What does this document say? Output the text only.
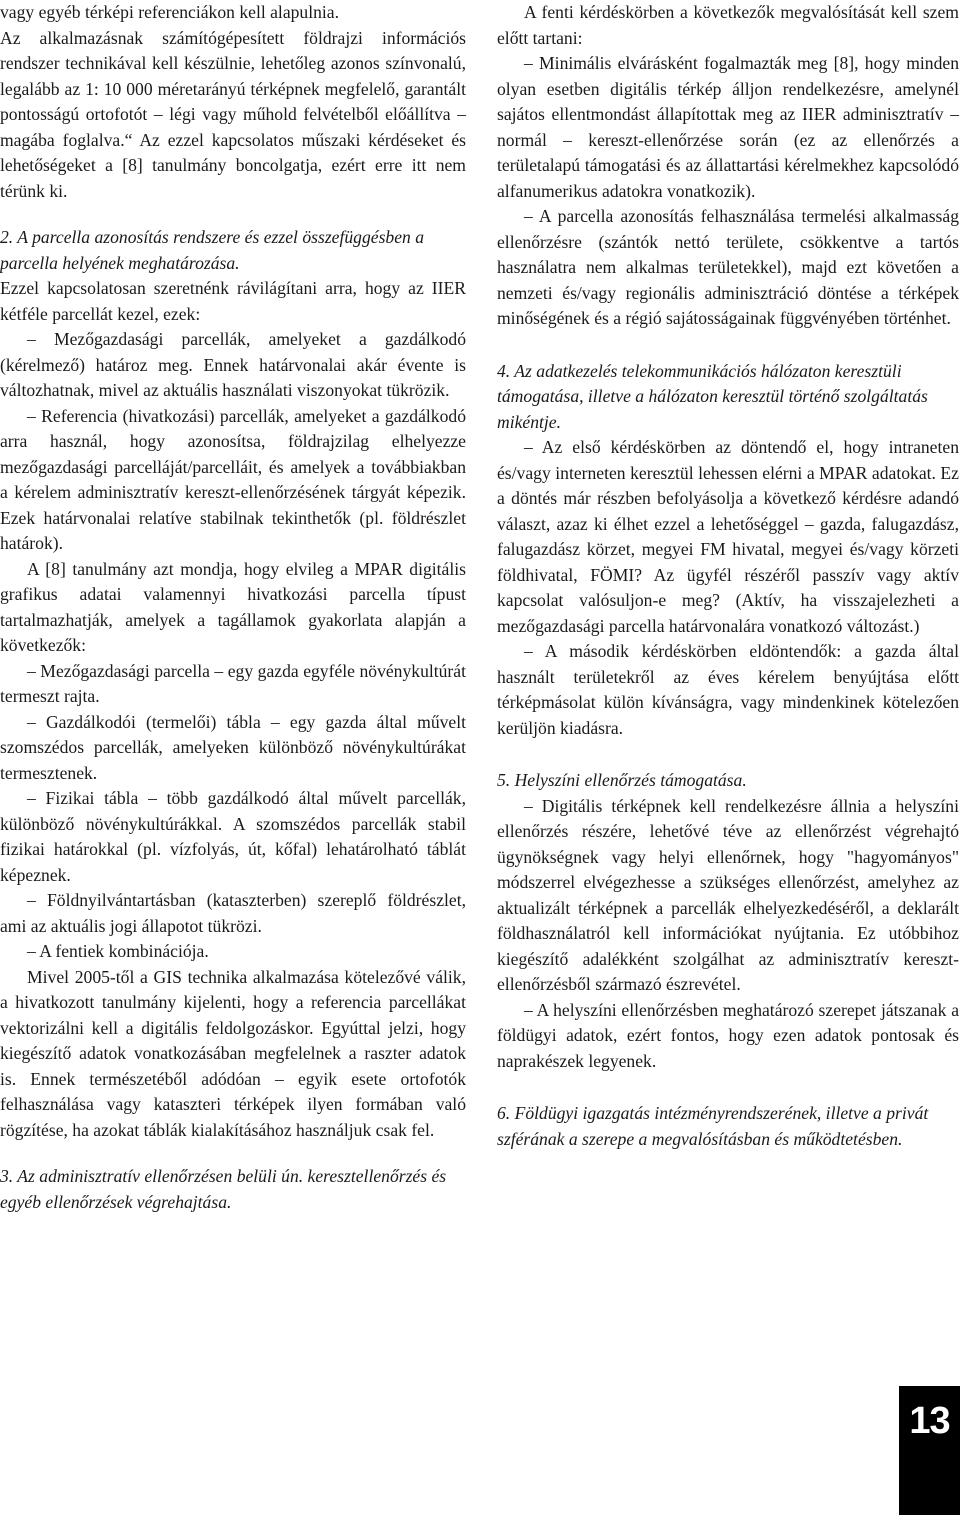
vagy egyéb térképi referenciákon kell alapulnia.

Az alkalmazásnak számítógépesített földrajzi információs rendszer technikával kell készülnie, lehetőleg azonos színvonalú, legalább az 1: 10 000 méretarányú térképnek megfelelő, garantált pontosságú ortofotót – légi vagy műhold felvételből előállítva – magába foglalva.“ Az ezzel kapcsolatos műszaki kérdéseket és lehetőségeket a [8] tanulmány boncolgatja, ezért erre itt nem térünk ki.

2. A parcella azonosítás rendszere és ezzel összefüggésben a parcella helyének meghatározása.

Ezzel kapcsolatosan szeretnénk rávilágítani arra, hogy az IIER kétféle parcellát kezel, ezek:

– Mezőgazdasági parcellák, amelyeket a gazdálkodó (kérelmező) határoz meg. Ennek határvonalai akár évente is változhatnak, mivel az aktuális használati viszonyokat tükrözik.

– Referencia (hivatkozási) parcellák, amelyeket a gazdálkodó arra használ, hogy azonosítsa, földrajzilag elhelyezze mezőgazdasági parcelláját/parcelláit, és amelyek a továbbiakban a kérelem adminisztratív kereszt-ellenőrzésének tárgyát képezik. Ezek határvonalai relatíve stabilnak tekinthetők (pl. földrészlet határok).

A [8] tanulmány azt mondja, hogy elvileg a MPAR digitális grafikus adatai valamennyi hivatkozási parcella típust tartalmazhatják, amelyek a tagállamok gyakorlata alapján a következők:

– Mezőgazdasági parcella – egy gazda egyféle növénykultúrát termeszt rajta.

– Gazdálkodói (termelői) tábla – egy gazda által művelt szomszédos parcellák, amelyeken különböző növénykultúrákat termesztenek.

– Fizikai tábla – több gazdálkodó által művelt parcellák, különböző növénykultúrákkal. A szomszédos parcellák stabil fizikai határokkal (pl. vízfolyás, út, kőfal) lehatárolható táblát képeznek.

– Földnyilvántartásban (kataszterben) szereplő földrészlet, ami az aktuális jogi állapotot tükrözi.

– A fentiek kombinációja.

Mivel 2005-től a GIS technika alkalmazása kötelezővé válik, a hivatkozott tanulmány kijelenti, hogy a referencia parcellákat vektorizálni kell a digitális feldolgozáskor. Egyúttal jelzi, hogy kiegészítő adatok vonatkozásában megfelelnek a raszter adatok is. Ennek természetéből adódóan – egyik esete ortofotók felhasználása vagy kataszteri térképek ilyen formában való rögzítése, ha azokat táblák kialakításához használjuk csak fel.

3. Az adminisztratív ellenőrzésen belüli ún. keresztellenőrzés és egyéb ellenőrzések végrehajtása.

A fenti kérdéskörben a következők megvalósítását kell szem előtt tartani:

– Minimális elvárásként fogalmazták meg [8], hogy minden olyan esetben digitális térkép álljon rendelkezésre, amelynél sajátos ellentmondást állapítottak meg az IIER adminisztratív – normál – kereszt-ellenőrzése során (ez az ellenőrzés a területalapú támogatási és az állattartási kérelmekhez kapcsolódó alfanumerikus adatokra vonatkozik).

– A parcella azonosítás felhasználása termelési alkalmasság ellenőrzésre (szántók nettó területe, csökkentve a tartós használatra nem alkalmas területekkel), majd ezt követően a nemzeti és/vagy regionális adminisztráció döntése a térképek minőségének és a régió sajátosságainak függvényében történhet.

4. Az adatkezelés telekommunikációs hálózaton keresztüli támogatása, illetve a hálózaton keresztül történő szolgáltatás mikéntje.

– Az első kérdéskörben az döntendő el, hogy intraneten és/vagy interneten keresztül lehessen elérni a MPAR adatokat. Ez a döntés már részben befolyásolja a következő kérdésre adandó választ, azaz ki élhet ezzel a lehetőséggel – gazda, falugazdász, falugazdász körzet, megyei FM hivatal, megyei és/vagy körzeti földhivatal, FÖMI? Az ügyfél részéről passzív vagy aktív kapcsolat valósuljon-e meg? (Aktív, ha visszajelezheti a mezőgazdasági parcella határvonalára vonatkozó változást.)

– A második kérdéskörben eldöntendők: a gazda által használt területekről az éves kérelem benyújtása előtt térképmásolat külön kívánságra, vagy mindenkinek kötelezően kerüljön kiadásra.

5. Helyszíni ellenőrzés támogatása.

– Digitális térképnek kell rendelkezésre állnia a helyszíni ellenőrzés részére, lehetővé téve az ellenőrzést végrehajtó ügynökségnek vagy helyi ellenőrnek, hogy "hagyományos" módszerrel elvégezhesse a szükséges ellenőrzést, amelyhez az aktualizált térképnek a parcellák elhelyezkedéséről, a deklarált földhasználatról kell információkat nyújtania. Ez utóbbihoz kiegészítő adalékként szolgálhat az adminisztratív kereszt-ellenőrzésből származó észrevétel.

– A helyszíni ellenőrzésben meghatározó szerepet játszanak a földügyi adatok, ezért fontos, hogy ezen adatok pontosak és naprakészek legyenek.

6. Földügyi igazgatás intézményrendszerének, illetve a privát szférának a szerepe a megvalósításban és működtetésben.
13
